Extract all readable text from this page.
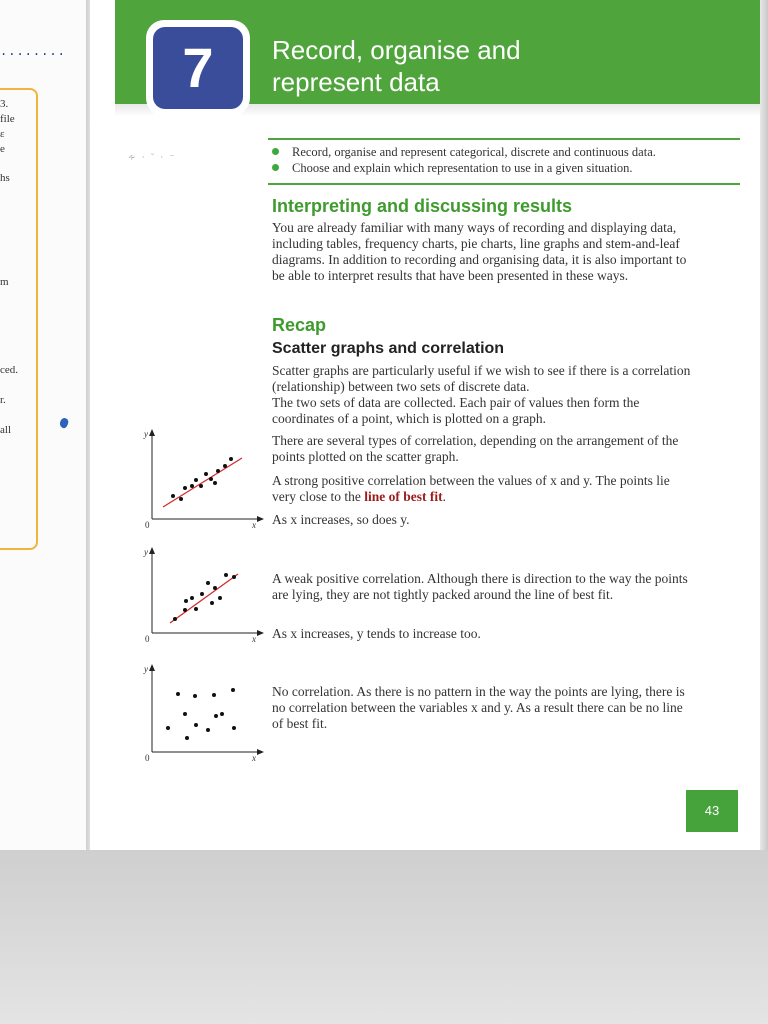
........
3.
file
ε
e
hs
m
ced.
r.
all
7	Record, organise and represent data
∻ · ˘ · ⁻	Record, organise and represent categorical, discrete and continuous data.
Choose and explain which representation to use in a given situation.
Interpreting and discussing results

You are already familiar with many ways of recording and displaying data, including tables, frequency charts, pie charts, line graphs and stem-and-leaf diagrams. In addition to recording and organising data, it is also important to be able to interpret results that have been presented in these ways.

Recap
Scatter graphs and correlation

Scatter graphs are particularly useful if we wish to see if there is a correlation (relationship) between two sets of discrete data.

The two sets of data are collected. Each pair of values then form the coordinates of a point, which is plotted on a graph.

There are several types of correlation, depending on the arrangement of the points plotted on the scatter graph.

A strong positive correlation between the values of x and y. The points lie very close to the line of best fit.

As x increases, so does y.

A weak positive correlation. Although there is direction to the way the points are lying, they are not tightly packed around the line of best fit.

As x increases, y tends to increase too.

No correlation. As there is no pattern in the way the points are lying, there is no correlation between the variables x and y. As a result there can be no line of best fit.

y
x
0
y
x
0
y
x
0
43
